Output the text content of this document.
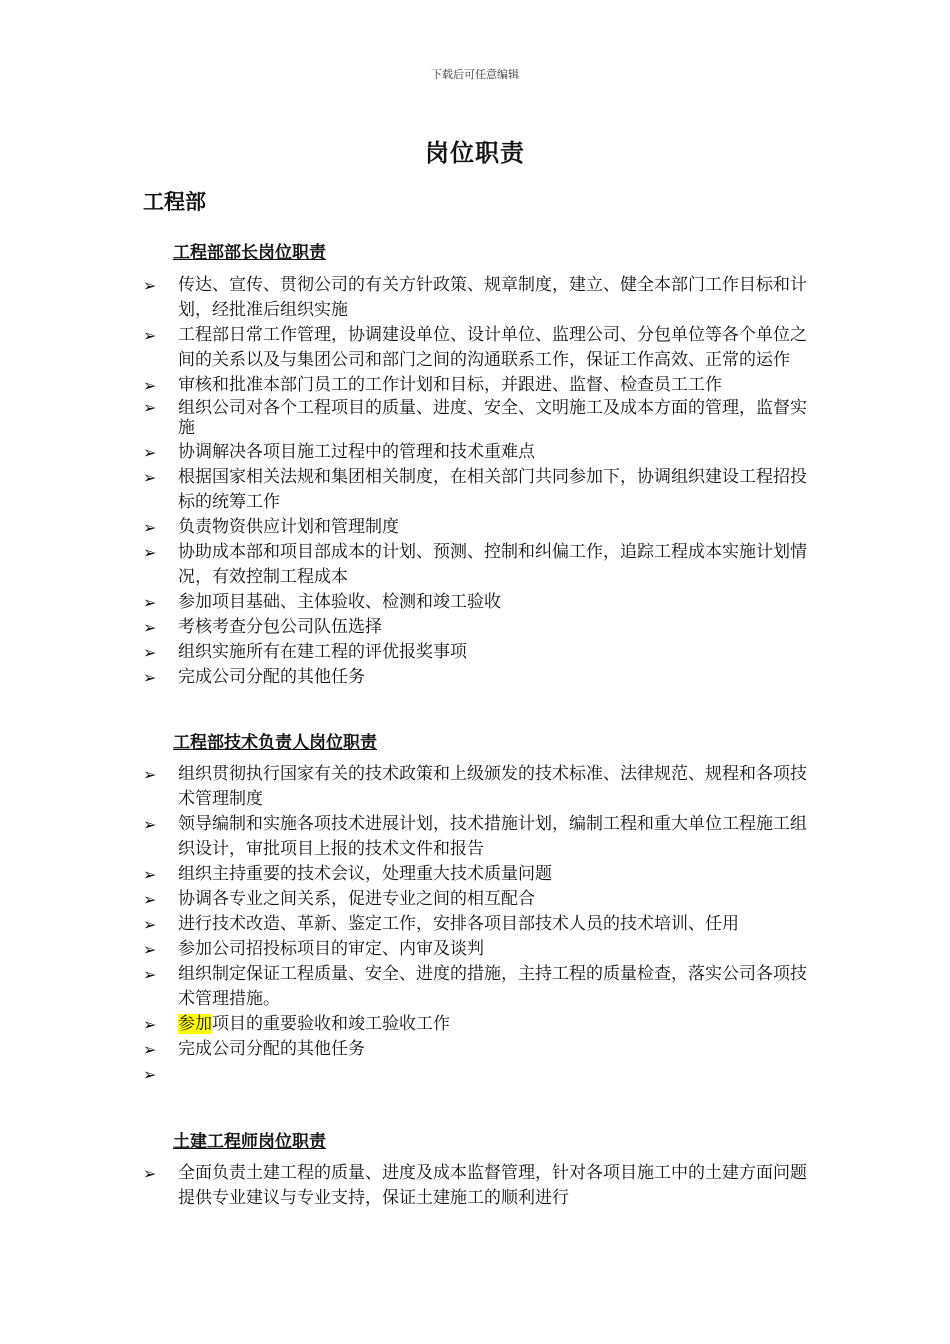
下载后可任意编辑
岗位职责
工程部
工程部部长岗位职责
➢ 传达、宣传、贯彻公司的有关方针政策、规章制度，建立、健全本部门工作目标和计划，经批准后组织实施
➢ 工程部日常工作管理，协调建设单位、设计单位、监理公司、分包单位等各个单位之间的关系以及与集团公司和部门之间的沟通联系工作，保证工作高效、正常的运作
➢ 审核和批准本部门员工的工作计划和目标，并跟进、监督、检查员工工作
➢ 组织公司对各个工程项目的质量、进度、安全、文明施工及成本方面的管理，监督实施
➢ 协调解决各项目施工过程中的管理和技术重难点
➢ 根据国家相关法规和集团相关制度，在相关部门共同参加下，协调组织建设工程招投标的统筹工作
➢ 负责物资供应计划和管理制度
➢ 协助成本部和项目部成本的计划、预测、控制和纠偏工作，追踪工程成本实施计划情况，有效控制工程成本
➢ 参加项目基础、主体验收、检测和竣工验收
➢ 考核考查分包公司队伍选择
➢ 组织实施所有在建工程的评优报奖事项
➢ 完成公司分配的其他任务
工程部技术负责人岗位职责
➢ 组织贯彻执行国家有关的技术政策和上级颁发的技术标准、法律规范、规程和各项技术管理制度
➢ 领导编制和实施各项技术进展计划，技术措施计划，编制工程和重大单位工程施工组织设计，审批项目上报的技术文件和报告
➢ 组织主持重要的技术会议，处理重大技术质量问题
➢ 协调各专业之间关系，促进专业之间的相互配合
➢ 进行技术改造、革新、鉴定工作，安排各项目部技术人员的技术培训、任用
➢ 参加公司招投标项目的审定、内审及谈判
➢ 组织制定保证工程质量、安全、进度的措施，主持工程的质量检查，落实公司各项技术管理措施。
➢ 参加项目的重要验收和竣工验收工作
➢ 完成公司分配的其他任务
➢

土建工程师岗位职责
➢ 全面负责土建工程的质量、进度及成本监督管理，针对各项目施工中的土建方面问题提供专业建议与专业支持，保证土建施工的顺利进行
